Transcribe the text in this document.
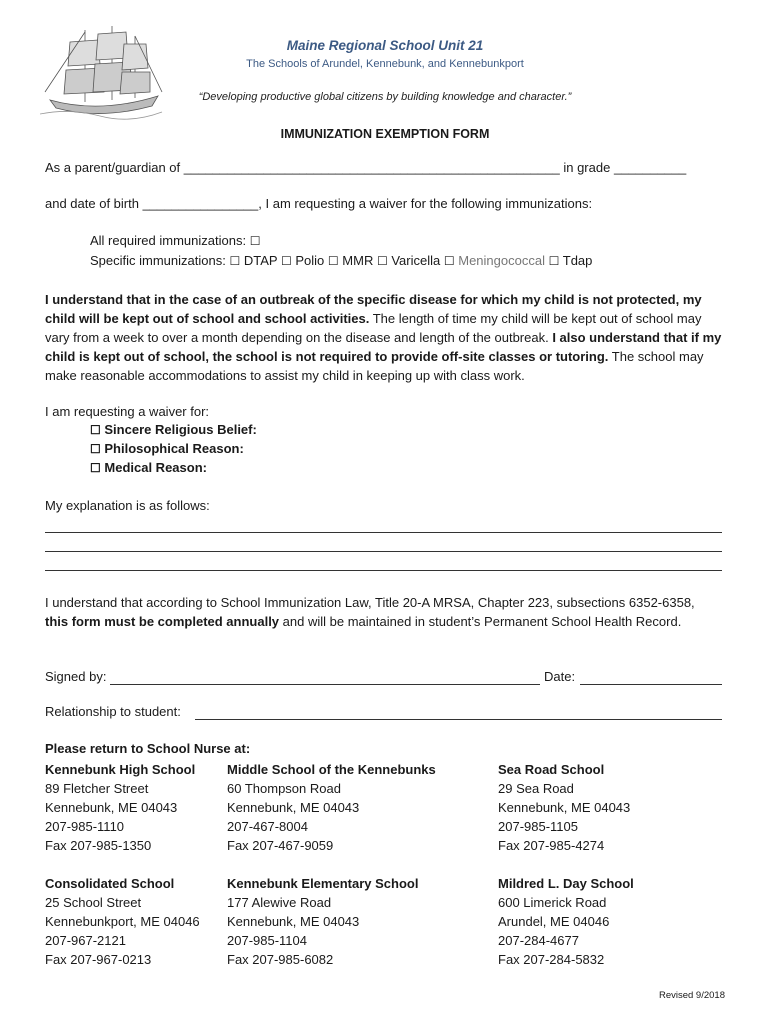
Maine Regional School Unit 21
The Schools of Arundel, Kennebunk, and Kennebunkport
“Developing productive global citizens by building knowledge and character.”
IMMUNIZATION EXEMPTION FORM
As a parent/guardian of ____________________________________________________ in grade __________
and date of birth ________________, I am requesting a waiver for the following immunizations:
All required immunizations: ☐
Specific immunizations: ☐ DTAP ☐ Polio ☐ MMR ☐ Varicella ☐ Meningococcal ☐ Tdap
I understand that in the case of an outbreak of the specific disease for which my child is not protected, my child will be kept out of school and school activities. The length of time my child will be kept out of school may vary from a week to over a month depending on the disease and length of the outbreak. I also understand that if my child is kept out of school, the school is not required to provide off-site classes or tutoring. The school may make reasonable accommodations to assist my child in keeping up with class work.
I am requesting a waiver for:
☐ Sincere Religious Belief:
☐ Philosophical Reason:
☐ Medical Reason:
My explanation is as follows:
I understand that according to School Immunization Law, Title 20-A MRSA, Chapter 223, subsections 6352-6358, this form must be completed annually and will be maintained in student’s Permanent School Health Record.
Signed by:	Date:
Relationship to student:
Please return to School Nurse at:
Kennebunk High School
89 Fletcher Street
Kennebunk, ME 04043
207-985-1110
Fax 207-985-1350
Middle School of the Kennebunks
60 Thompson Road
Kennebunk, ME 04043
207-467-8004
Fax 207-467-9059
Sea Road School
29 Sea Road
Kennebunk, ME 04043
207-985-1105
Fax 207-985-4274
Consolidated School
25 School Street
Kennebunkport, ME 04046
207-967-2121
Fax 207-967-0213
Kennebunk Elementary School
177 Alewive Road
Kennebunk, ME 04043
207-985-1104
Fax 207-985-6082
Mildred L. Day School
600 Limerick Road
Arundel, ME 04046
207-284-4677
Fax 207-284-5832
Revised 9/2018
